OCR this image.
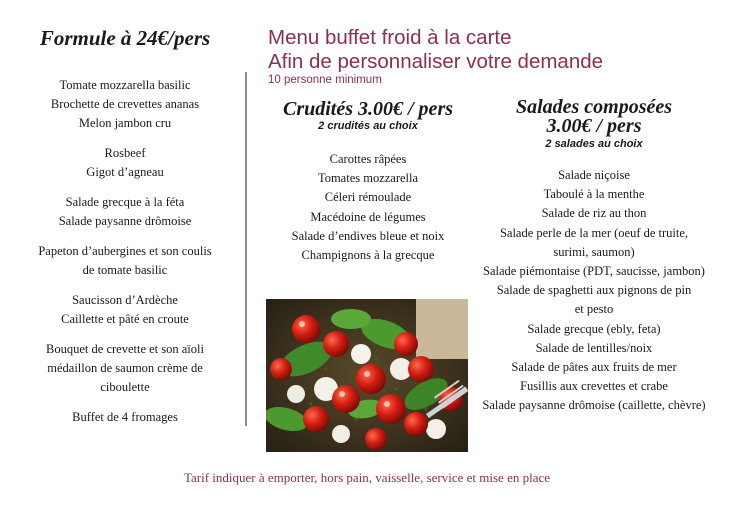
Formule à 24€/pers
Tomate mozzarella basilic
Brochette de crevettes ananas
Melon jambon cru
Rosbeef
Gigot d’agneau
Salade grecque à la féta
Salade paysanne drômoise
Papeton d’aubergines et son coulis
de tomate basilic
Saucisson d’Ardèche
Caillette et pâté en croute
Bouquet de crevette et son aïoli
médaillon de saumon crème de
ciboulette
Buffet de 4 fromages
Menu buffet froid à la carte
Afin de personnaliser votre demande
10 personne minimum
Crudités 3.00€ / pers
2 crudités au choix
Carottes râpées
Tomates mozzarella
Céleri rémoulade
Macédoine de légumes
Salade d’endives bleue et noix
Champignons à la grecque
Salades composées
3.00€ / pers
2 salades au choix
Salade niçoise
Taboulé à la menthe
Salade de riz au thon
Salade perle de la mer (oeuf de truite,
surimi, saumon)
Salade piémontaise (PDT, saucisse, jambon)
Salade de spaghetti aux pignons de pin
et pesto
Salade grecque (ebly, feta)
Salade de lentilles/noix
Salade de pâtes aux fruits de mer
Fusillis aux crevettes et crabe
Salade paysanne drômoise (caillette, chèvre)
Tarif indiquer à emporter, hors pain, vaisselle, service et mise en place
